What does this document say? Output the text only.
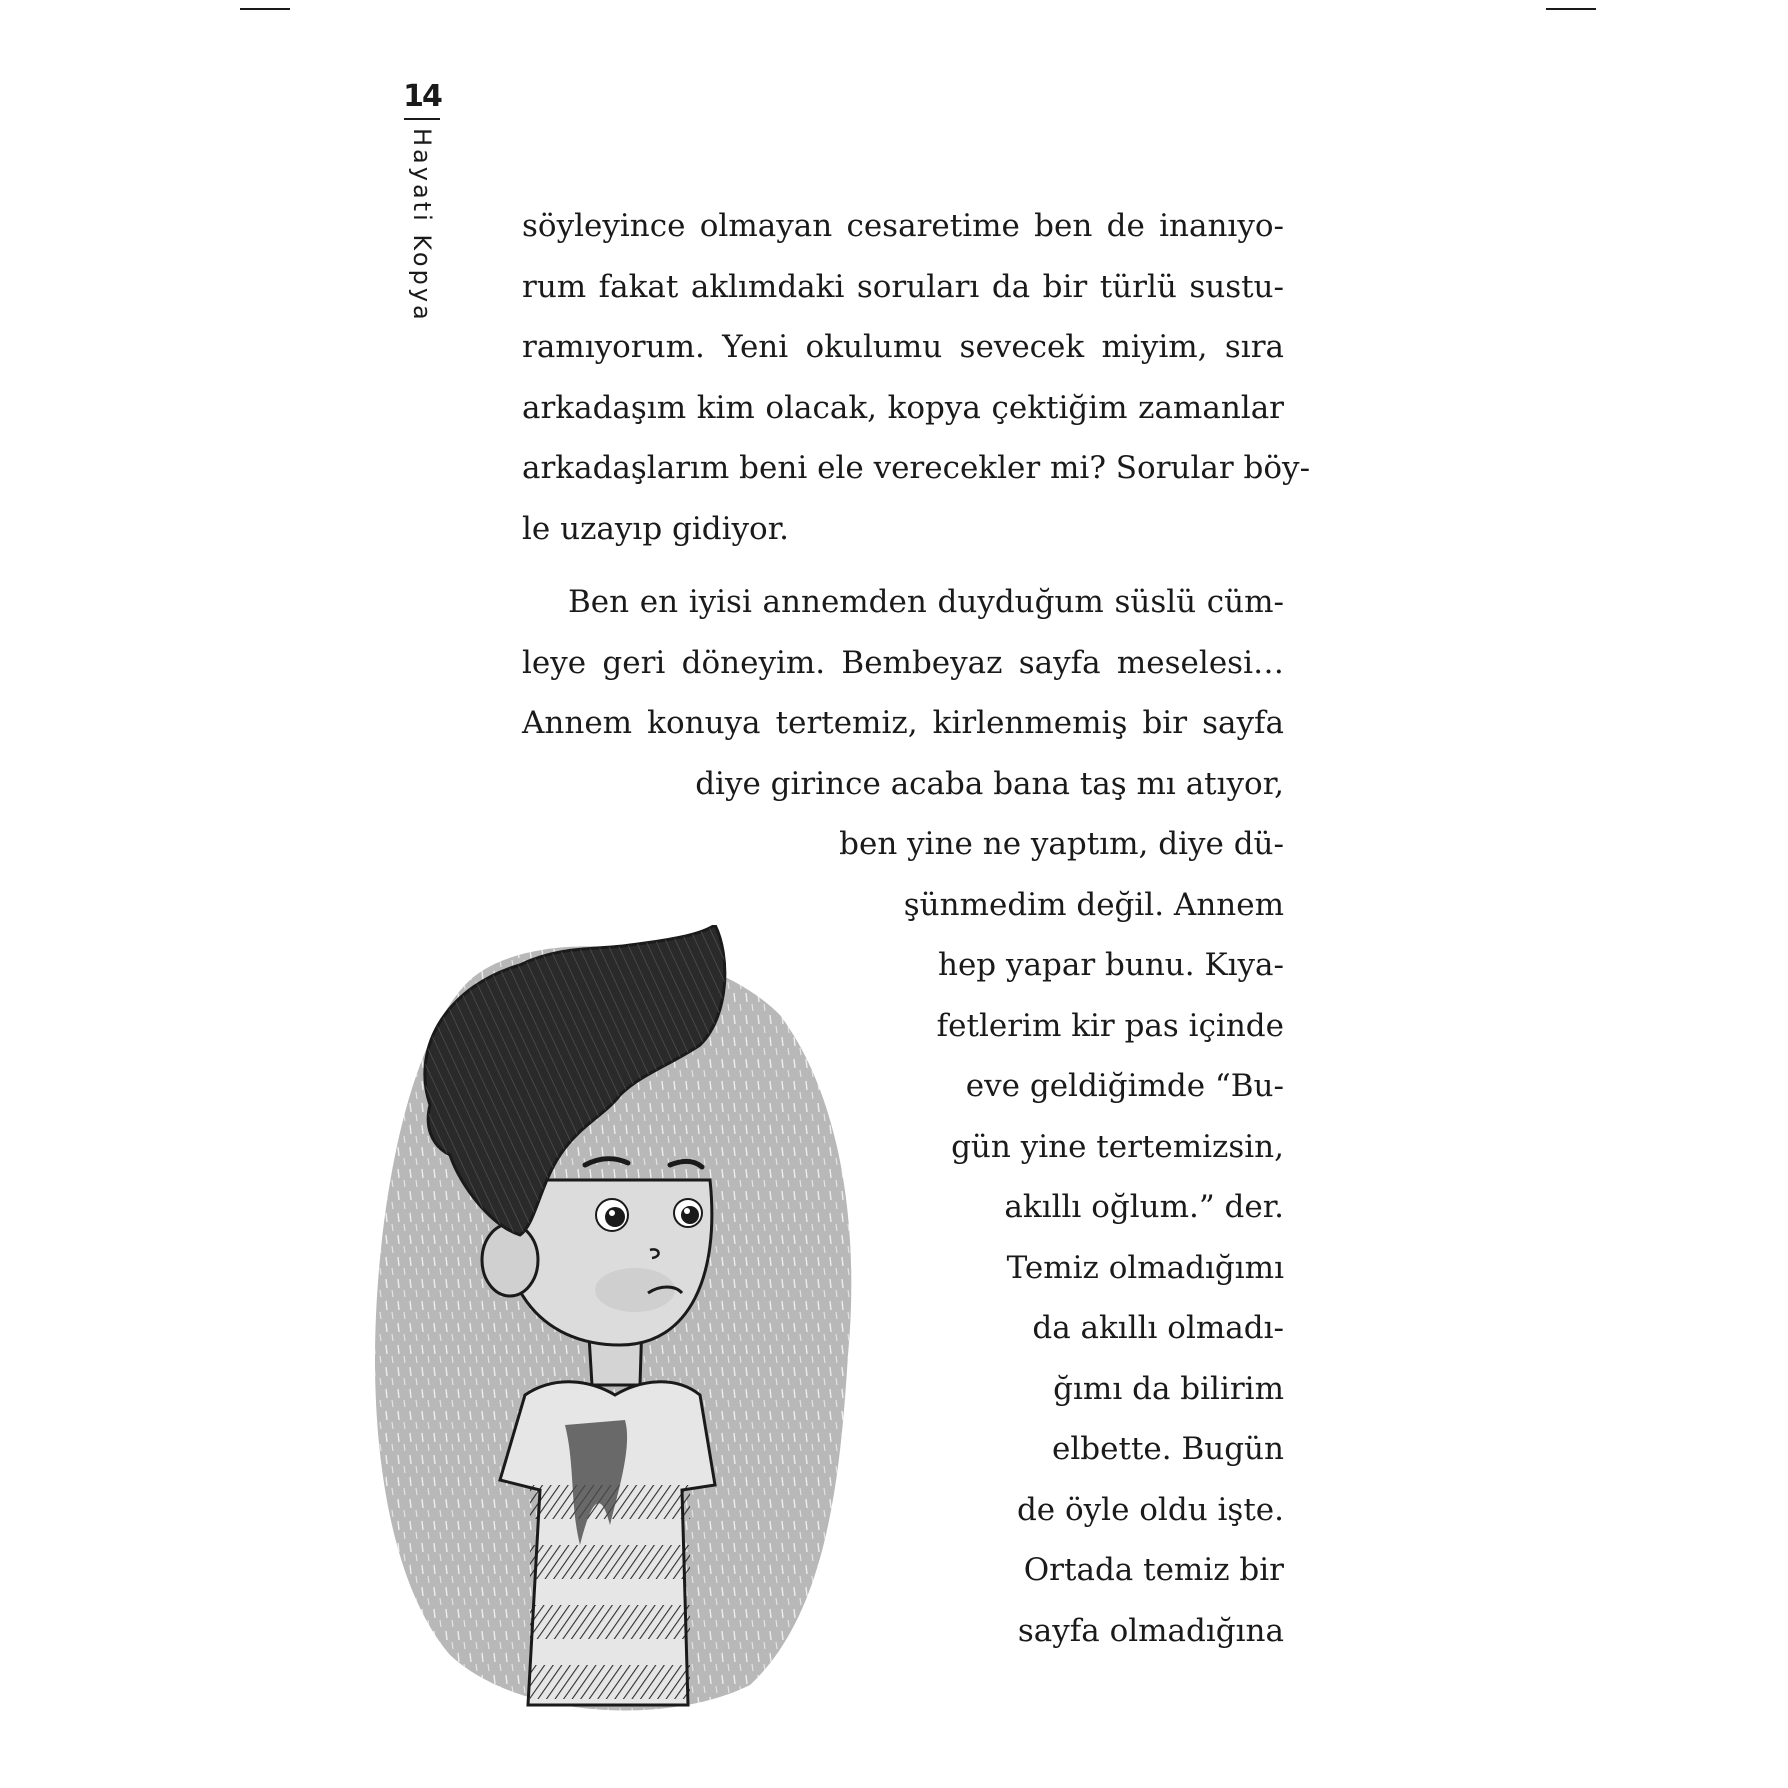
14
Hayati Kopya	söyleyince olmayan cesaretime ben de inanıyo-
rum fakat aklımdaki soruları da bir türlü sustu-
ramıyorum. Yeni okulumu sevecek miyim, sıra
arkadaşım kim olacak, kopya çektiğim zamanlar
arkadaşlarım beni ele verecekler mi? Sorular böy-
le uzayıp gidiyor.
Ben en iyisi annemden duyduğum süslü cüm-
leye geri döneyim. Bembeyaz sayfa meselesi…
Annem konuya tertemiz, kirlenmemiş bir sayfa
diye girince acaba bana taş mı atıyor,
ben yine ne yaptım, diye dü-
şünmedim değil. Annem
hep yapar bunu. Kıya-
fetlerim kir pas içinde
eve geldiğimde “Bu-
gün yine tertemizsin,
akıllı oğlum.” der.
Temiz olmadığımı
da akıllı olmadı-
ğımı da bilirim
elbette. Bugün
de öyle oldu işte.
Ortada temiz bir
sayfa olmadığına
